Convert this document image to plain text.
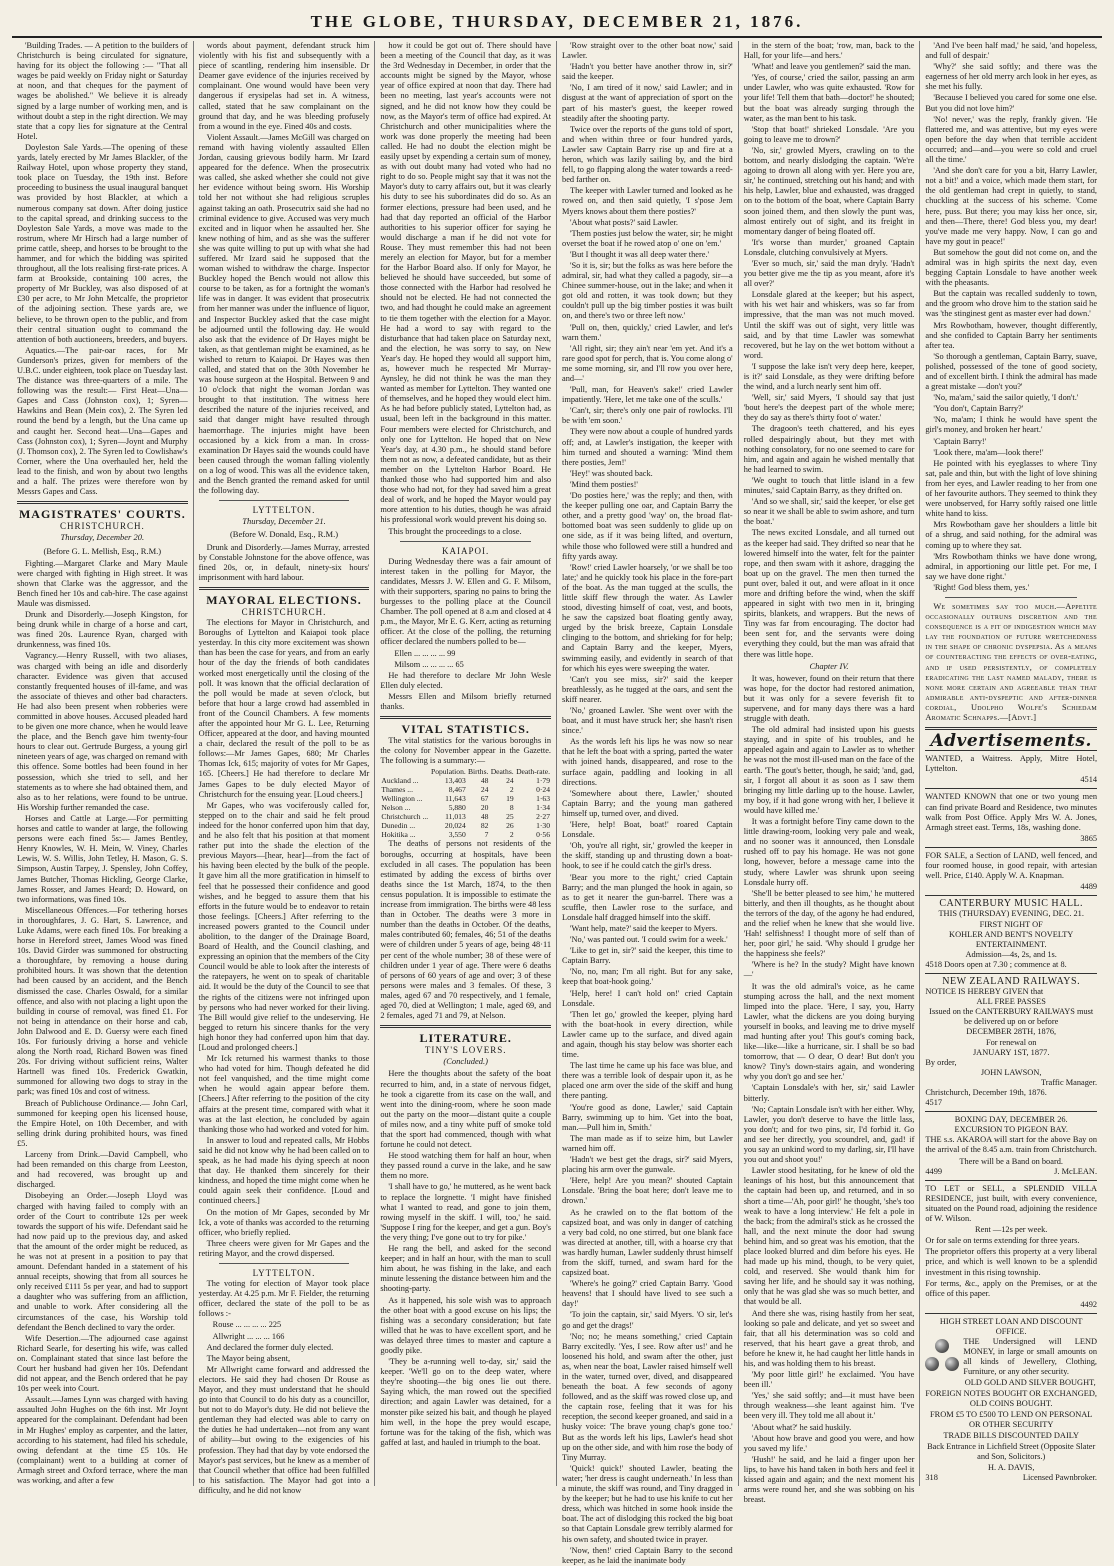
THE GLOBE, THURSDAY, DECEMBER 21, 1876.

'Building Trades. — A petition to the builders of Christchurch is being circulated for signature, having for its object the following :— "That all wages be paid weekly on Friday night or Saturday at noon, and that cheques for the payment of wages be abolished." We believe it is already signed by a large number of working men, and is without doubt a step in the right direction. We may state that a copy lies for signature at the Central Hotel.

Doyleston Sale Yards.—The opening of these yards, lately erected by Mr James Blackler, of the Railway Hotel, upon whose property they stand, took place on Tuesday, the 19th inst. Before proceeding to business the usual inaugural banquet was provided by host Blackler, at which a numerous company sat down. After doing justice to the capital spread, and drinking success to the Doyleston Sale Yards, a move was made to the rostrum, where Mr Hirsch had a large number of prime cattle, sheep, and horses to be brought to the hammer, and for which the bidding was spirited throughout, all the lots realising first-rate prices. A farm at Brookside, containing 100 acres, the property of Mr Buckley, was also disposed of at £30 per acre, to Mr John Metcalfe, the proprietor of the adjoining section. These yards are, we believe, to be thrown open to the public, and from their central situation ought to command the attention of both auctioneers, breeders, and buyers.

Aquatics.—The pair-oar races, for Mr Gunderson's prizes, given for members of the U.B.C. under eighteen, took place on Tuesday last. The distance was three-quarters of a mile. The following was the result:— First Heat—Una—Gapes and Cass (Johnston cox), 1; Syren—Hawkins and Bean (Mein cox), 2. The Syren led round the bend by a length, but the Una came up and caught her. Second heat—Una—Gapes and Cass (Johnston cox), 1; Syren—Joynt and Murphy (J. Thomson cox), 2. The Syren led to Cowlishaw's Corner, where the Una overhauled her, held the lead to the finish, and won by about two lengths and a half. The prizes were therefore won by Messrs Gapes and Cass.

MAGISTRATES' COURTS.
CHRISTCHURCH.
Thursday, December 20.
(Before G. L. Mellish, Esq., R.M.)

Fighting.—Margaret Clarke and Mary Maule were charged with fighting in High street. It was shown that Clarke was the aggressor, and the Bench fined her 10s and cab-hire. The case against Maule was dismissed.

Drunk and Disorderly.—Joseph Kingston, for being drunk while in charge of a horse and cart, was fined 20s. Laurence Ryan, charged with drunkenness, was fined 10s.

Vagrancy.—Henry Russell, with two aliases, was charged with being an idle and disorderly character. Evidence was given that accused constantly frequented houses of ill-fame, and was the associate of thieves and other bad characters. He had also been present when robberies were committed in above houses. Accused pleaded hard to be given one more chance, when he would leave the place, and the Bench gave him twenty-four hours to clear out. Gertrude Burgess, a young girl nineteen years of age, was charged on remand with this offence. Some bottles had been found in her possession, which she tried to sell, and her statements as to where she had obtained them, and also as to her relations, were found to be untrue. His Worship further remanded the case.

Horses and Cattle at Large.—For permitting horses and cattle to wander at large, the following persons were each fined 5s:— James Bentley, Henry Knowles, W. H. Mein, W. Viney, Charles Lewis, W. S. Willis, John Tetley, H. Mason, G. S. Simpson, Austin Tarpey, J. Spensley, John Coffey, James Butcher, Thomas Hickling, George Clarke, James Rosser, and James Heard; D. Howard, on two informations, was fined 10s.

Miscellaneous Offences.—For tethering horses in thoroughfares, J. G. Hart, S. Lawrence, and Luke Adams, were each fined 10s. For breaking a horse in Hereford street, James Wood was fined 10s. David Girder was summoned for obstructing a thoroughfare, by removing a house during prohibited hours. It was shown that the detention had been caused by an accident, and the Bench dismissed the case. Charles Oswald, for a similar offence, and also with not placing a light upon the building in course of removal, was fined £1. For not being in attendance on their horse and cab, John Dalwood and E. D. Guersy were each fined 10s. For furiously driving a horse and vehicle along the North road, Richard Bowen was fined 20s. For driving without sufficient reins, Walter Hartnell was fined 10s. Frederick Gwatkin, summoned for allowing two dogs to stray in the park; was fined 10s and cost of witness.

Breach of Publichouse Ordinance.— John Carl, summoned for keeping open his licensed house, the Empire Hotel, on 10th December, and with selling drink during prohibited hours, was fined £5.

Larceny from Drink.—David Campbell, who had been remanded on this charge from Leeston, and had recovered, was brought up and discharged.

Disobeying an Order.—Joseph Lloyd was charged with having failed to comply with an order of the Court to contribute 12s per week towards the support of his wife. Defendant said he had now paid up to the previous day, and asked that the amount of the order might be reduced, as he was not at present in a position to pay that amount. Defendant handed in a statement of his annual receipts, showing that from all sources he only received £111 5s per year, and had to support a daughter who was suffering from an affliction, and unable to work. After considering all the circumstances of the case, his Worship told defendant the Bench declined to vary the order.

Wife Desertion.—The adjourned case against Richard Searle, for deserting his wife, was called on. Complainant stated that since last before the Court her husband had given her 10s. Defendant did not appear, and the Bench ordered that he pay 10s per week into Court.

Assault.—James Lynn was charged with having assaulted John Hughes on the 6th inst. Mr Joynt appeared for the complainant. Defendant had been in Mr Hughes' employ as carpenter, and the latter, according to his statement, had filed his schedule, owing defendant at the time £5 10s. He (complainant) went to a building at corner of Armagh street and Oxford terrace, where the man was working, and after a few

words about payment, defendant struck him violently with his fist and subsequently with a piece of scantling, rendering him insensible. Dr Deamer gave evidence of the injuries received by complainant. One wound would have been very dangerous if erysipelas had set in. A witness, called, stated that he saw complainant on the ground that day, and he was bleeding profusely from a wound in the eye. Fined 40s and costs.

Violent Assault.—James McGill was charged on remand with having violently assaulted Ellen Jordan, causing grievous bodily harm. Mr Izard appeared for the defence. When the prosecutrix was called, she asked whether she could not give her evidence without being sworn. His Worship told her not without she had religious scruples against taking an oath. Prosecutrix said she had no criminal evidence to give. Accused was very much excited and in liquor when he assaulted her. She knew nothing of him, and as she was the sufferer she was quite willing to put up with what she had suffered. Mr Izard said he supposed that the woman wished to withdraw the charge. Inspector Buckley hoped the Bench would not allow this course to be taken, as for a fortnight the woman's life was in danger. It was evident that prosecutrix from her manner was under the influence of liquor, and Inspector Buckley asked that the case might be adjourned until the following day. He would also ask that the evidence of Dr Hayes might be taken, as that gentleman might be examined, as he wished to return to Kaiapoi. Dr Hayes was then called, and stated that on the 30th November he was house surgeon at the Hospital. Between 9 and 10 o'clock that night the woman Jordan was brought to that institution. The witness here described the nature of the injuries received, and said that danger might have resulted through haemorrhage. The injuries might have been occasioned by a kick from a man. In cross-examination Dr Hayes said the wounds could have been caused through the woman falling violently on a log of wood. This was all the evidence taken, and the Bench granted the remand asked for until the following day.

LYTTELTON.
Thursday, December 21.
(Before W. Donald, Esq., R.M.)

Drunk and Disorderly.—James Murray, arrested by Constable Johnstone for the above offence, was fined 20s, or, in default, ninety-six hours' imprisonment with hard labour.

MAYORAL ELECTIONS.
CHRISTCHURCH.

The elections for Mayor in Christchurch, and Boroughs of Lyttelton and Kaiapoi took place yesterday. In this city more excitement was shown than has been the case for years, and from an early hour of the day the friends of both candidates worked most energetically until the closing of the poll. It was known that the official declaration of the poll would be made at seven o'clock, but before that hour a large crowd had assembled in front of the Council Chambers. A few moments after the appointed hour Mr G. L. Lee, Returning Officer, appeared at the door, and having mounted a chair, declared the result of the poll to be as follows:—Mr James Gapes, 680; Mr Charles Thomas Ick, 615; majority of votes for Mr Gapes, 165. [Cheers.] He had therefore to declare Mr James Gapes to be duly elected Mayor of Christchurch for the ensuing year. [Loud cheers.]

Mr Gapes, who was vociferously called for, stepped on to the chair and said he felt proud indeed for the honor conferred upon him that day, and he also felt that his position at that moment rather put into the shade the election of the previous Mayors—[hear, hear]—from the fact of his having been elected by the bulk of the people. It gave him all the more gratification in himself to feel that he possessed their confidence and good wishes, and he begged to assure them that his efforts in the future would be to endeavor to retain those feelings. [Cheers.] After referring to the increased powers granted to the Council under abolition, to the danger of the Drainage Board, Board of Health, and the Council clashing, and expressing an opinion that the members of the City Council would be able to look after the interests of the ratepayers, he went on to speak of charitable aid. It would be the duty of the Council to see that the rights of the citizens were not infringed upon by persons who had never worked for their living. The Bill would give relief to the undeserving. He begged to return his sincere thanks for the very high honor they had conferred upon him that day. [Loud and prolonged cheers.]

Mr Ick returned his warmest thanks to those who had voted for him. Though defeated he did not feel vanquished, and the time might come when he would again appear before them. [Cheers.] After referring to the position of the city affairs at the present time, compared with what it was at the last election, he concluded by again thanking those who had worked and voted for him.

In answer to loud and repeated calls, Mr Hobbs said he did not know why he had been called on to speak, as he had made his dying speech at noon that day. He thanked them sincerely for their kindness, and hoped the time might come when he could again seek their confidence. [Loud and continued cheers.]

On the motion of Mr Gapes, seconded by Mr Ick, a vote of thanks was accorded to the returning officer, who briefly replied.

Three cheers were given for Mr Gapes and the retiring Mayor, and the crowd dispersed.

LYTTELTON.

The voting for election of Mayor took place yesterday. At 4.25 p.m. Mr F. Fielder, the returning officer, declared the state of the poll to be as follows :-

Rouse ... ... ... ... 225
Allwright ... ... ... 166

And declared the former duly elected.

The Mayor being absent,

Mr Allwright came forward and addressed the electors. He said they had chosen Dr Rouse as Mayor, and they must understand that he should go into that Council to do his duty as a councillor, but not to do Mayor's duty. He did not believe the gentleman they had elected was able to carry on the duties he had undertaken—not from any want of ability—but owing to the exigencies of his profession. They had that day by vote endorsed the Mayor's past services, but he knew as a member of that Council whether that office had been fulfilled to his satisfaction. The Mayor had got into a difficulty, and he did not know

how it could be got out of. There should have been a meeting of the Council that day, as it was the 3rd Wednesday in December, in order that the accounts might be signed by the Mayor, whose year of office expired at noon that day. There had been no meeting, last year's accounts were not signed, and he did not know how they could be now, as the Mayor's term of office had expired. At Christchurch and other municipalities where the work was done properly the meeting had been called. He had no doubt the election might be easily upset by expending a certain sum of money, as with out doubt many had voted who had no right to do so. People might say that it was not the Mayor's duty to carry affairs out, but it was clearly his duty to see his subordinates did do so. As an former elections, pressure had been used, and he had that day reported an official of the Harbor authorities to his superior officer for saying he would discharge a man if he did not vote for Rouse. They must remember this had not been merely an election for Mayor, but for a member for the Harbor Board also. If only for Mayor, he believed he should have succeeded, but some of those connected with the Harbor had resolved he should not be elected. He had not connected the two, and had thought he could make an agreement to tie them together with the election for a Mayor. He had a word to say with regard to the disturbance that had taken place on Saturday next, and the election, he was sorry to say, on New Year's day. He hoped they would all support him, as, however much he respected Mr Murray-Aynsley, he did not think he was the man they wanted as member for Lyttelton. They wanted one of themselves, and he hoped they would elect him. As he had before publicly stated, Lyttelton had, as usual, been left in the background in this matter. Four members were elected for Christchurch, and only one for Lyttelton. He hoped that on New Year's day, at 4.30 p.m., he should stand before them not as now, a defeated candidate, but as their member on the Lyttelton Harbor Board. He thanked those who had supported him and also those who had not, for they had saved him a great deal of work, and he hoped the Mayor would pay more attention to his duties, though he was afraid his professional work would prevent his doing so.

This brought the proceedings to a close.

KAIAPOI.

During Wednesday there was a fair amount of interest taken in the polling for Mayor, the candidates, Messrs J. W. Ellen and G. F. Milsom, with their supporters, sparing no pains to bring the burgesses to the polling place at the Council Chamber. The poll opened at 8 a.m and closed at 4 p.m., the Mayor, Mr E. G. Kerr, acting as returning officer. At the close of the polling, the returning officer declared the numbers polled to be—

Ellen ... ... ... ... 99
Milsom ... ... ... ... 65

He had therefore to declare Mr John Wesle Ellen duly elected.

Messrs Ellen and Milsom briefly returned thanks.

VITAL STATISTICS.

The vital statistics for the various boroughs in the colony for November appear in the Gazette. The following is a summary:—

	Population.	Births.	Deaths.	Death-rate.
Auckland ...	13,403	48	24	1·79
Thames ...	8,467	24	2	0·24
Wellington ...	11,643	67	19	1·63
Nelson ...	5,880	20	8	1·34
Christchurch ...	11,013	48	25	2·27
Dunedin ...	20,024	82	26	1·30
Hokitika ...	3,550	7	2	0·56

The deaths of persons not residents of the boroughs, occurring at hospitals, have been excluded in all cases. The population has been estimated by adding the excess of births over deaths since the 1st March, 1874, to the then census population. It is impossible to estimate the increase from immigration. The births were 48 less than in October. The deaths were 3 more in number than the deaths in October. Of the deaths, males contributed 60; females, 46; 51 of the deaths were of children under 5 years of age, being 48·11 per cent of the whole number; 38 of these were of children under 1 year of age. There were 6 deaths of persons of 60 years of age and over; 3 of these persons were males and 3 females. Of these, 3 males, aged 67 and 70 respectively, and 1 female, aged 70, died at Wellington; 1 male, aged 69, and 2 females, aged 71 and 79, at Nelson.

LITERATURE.
TINY'S LOVERS.
(Concluded.)

Here the thoughts about the safety of the boat recurred to him, and, in a state of nervous fidget, he took a cigarette from its case on the wall, and went into the dining-room, where he soon made out the party on the moor—distant quite a couple of miles now, and a tiny white puff of smoke told that the sport had commenced, though with what fortune he could not detect.

He stood watching them for half an hour, when they passed round a curve in the lake, and he saw them no more.

'I shall have to go,' he muttered, as he went back to replace the lorgnette. 'I might have finished what I wanted to read, and gone to join them, rowing myself in the skiff. I will, too,' he said. 'Suppose I ring for the keeper, and get a gun. Boy's the very thing; I've gone out to try for pike.'

He rang the bell, and asked for the second keeper; and in half an hour, with the man to scull him about, he was fishing in the lake, and each minute lessening the distance between him and the shooting-party.

As it happened, his sole wish was to approach the other boat with a good excuse on his lips; the fishing was a secondary consideration; but fate willed that he was to have excellent sport, and he was delayed three times to master and capture a goodly pike.

'They be a-running well to-day, sir,' said the keeper. 'We'll go on to the deep water, where they're shooting—the big ones lie out there. Saying which, the man rowed out the specified direction; and again Lawler was detained, for a monster pike seized his bait, and though he played him well, in the hope the prey would escape, fortune was for the taking of the fish, which was gaffed at last, and hauled in triumph to the boat.

'Row straight over to the other boat now,' said Lawler.

'Hadn't you better have another throw in, sir?' said the keeper.

'No, I am tired of it now,' said Lawler; and in disgust at the want of appreciation of sport on the part of his master's guest, the keeper rowed steadily after the shooting party.

Twice over the reports of the guns told of sport, and when within three or four hundred yards, Lawler saw Captain Barry rise up and fire at a heron, which was lazily sailing by, and the bird fell, to go flapping along the water towards a reed-bed farther on.

The keeper with Lawler turned and looked as he rowed on, and then said quietly, 'I s'pose Jem Myers knows about them there posties?'

'About what posts?' said Lawler.

'Them posties just below the water, sir; he might overset the boat if he rowed atop o' one on 'em.'

'But I thought it was all deep water there.'

'So it is, sir; but the folks as was here before the admiral, sir, had what they called a pagody, sir—a Chinee summer-house, out in the lake; and when it got old and rotten, it was took down; but they couldn't pull up the big timber posties it was built on, and there's two or three left now.'

'Pull on, then, quickly,' cried Lawler, and let's warn them.'

'All right, sir; they ain't near 'em yet. And it's a rare good spot for perch, that is. You come along o' me some morning, sir, and I'll row you over here, and—'

'Pull, man, for Heaven's sake!' cried Lawler impatiently. 'Here, let me take one of the sculls.'

'Can't, sir; there's only one pair of rowlocks. I'll be with 'em soon.'

They were now about a couple of hundred yards off; and, at Lawler's instigation, the keeper with him turned and shouted a warning: 'Mind them there posties, Jem!'

'Hey!' was shouted back.

'Mind them posties!'

'Do posties here,' was the reply; and then, with the keeper pulling one oar, and Captain Barry the other, and a pretty good 'way' on, the broad flat-bottomed boat was seen suddenly to glide up on one side, as if it was being lifted, and overturn, while those who followed were still a hundred and fifty yards away.

'Row!' cried Lawler hoarsely, 'or we shall be too late;' and he quickly took his place in the fore-part of the boat. As the man tugged at the sculls, the little skiff flew through the water. As Lawler stood, divesting himself of coat, vest, and boots, he saw the capsized boat floating gently away, urged by the brisk breeze, Captain Lonsdale clinging to the bottom, and shrieking for for help; and Captain Barry and the keeper, Myers, swimming easily, and evidently in search of that for which his eyes were sweeping the water.

'Can't you see miss, sir?' said the keeper breathlessly, as he tugged at the oars, and sent the skiff nearer.

'No,' groaned Lawler. 'She went over with the boat, and it must have struck her; she hasn't risen since.'

As the words left his lips he was now so near that he left the boat with a spring, parted the water with joined hands, disappeared, and rose to the surface again, paddling and looking in all directions.

'Somewhere about there, Lawler,' shouted Captain Barry; and the young man gathered himself up, turned over, and dived.

'Here, help! Boat, boat!' roared Captain Lonsdale.

'Oh, you're all right, sir,' growled the keeper in the skiff, standing up and thrusting down a boat-hook, to see if he could catch the girl's dress.

'Bear you more to the right,' cried Captain Barry; and the man plunged the hook in again, so as to get it nearer the gun-barrel. There was a scuffle, then Lawler rose to the surface, and Lonsdale half dragged himself into the skiff.

'Want help, mate?' said the keeper to Myers.

'No,' was panted out. 'I could swim for a week.'

'Like to get in, sir?' said the keeper, this time to Captain Barry.

'No, no, man; I'm all right. But for any sake, keep that boat-hook going.'

'Help, here! I can't hold on!' cried Captain Lonsdale.

'Then let go,' growled the keeper, plying hard with the boat-hook in every direction, while Lawler came up to the surface, and dived again and again, though his stay below was shorter each time.

The last time he came up his face was blue, and there was a terrible look of despair upon it, as he placed one arm over the side of the skiff and hung there panting.

'You're good as done, Lawler,' said Captain Barry, swimming up to him. 'Get into the boat, man.—Pull him in, Smith.'

The man made as if to seize him, but Lawler warned him off.

'Hadn't we best get the drags, sir?' said Myers, placing his arm over the gunwale.

'Here, help! Are you mean?' shouted Captain Lonsdale. 'Bring the boat here; don't leave me to drown.'

As he crawled on to the flat bottom of the capsized boat, and was only in danger of catching a very bad cold, no one stirred, but one blank face was directed at another, till, with a hoarse cry that was hardly human, Lawler suddenly thrust himself from the skiff, turned, and swam hard for the capsized boat.

'Where's he going?' cried Captain Barry. 'Good heavens! that I should have lived to see such a day!'

'To join the captain, sir,' said Myers. 'O sir, let's go and get the drags!'

'No; no; he means something,' cried Captain Barry excitedly. 'Yes, I see. Row after us!' and he loosened his hold, and swam after the other, just as, when near the boat, Lawler raised himself well in the water, turned over, dived, and disappeared beneath the boat. A few seconds of agony followed, and as the skiff was rowed close up, and the captain rose, feeling that it was for his reception, the second keeper groaned, and said in a husky voice: 'The brave young chap's gone too.' But as the words left his lips, Lawler's head shot up on the other side, and with him rose the body of Tiny Murray.

'Quick! quick!' shouted Lawler, beating the water; 'her dress is caught underneath.' In less than a minute, the skiff was round, and Tiny dragged in by the keeper; but he had to use his knife to cut her dress, which was hitched in some hook inside the boat. The act of dislodging this rocked the big boat so that Captain Lonsdale grew terribly alarmed for his own safety, and shouted twice in prayer.

'Now, then!' cried Captain Barry to the second keeper, as he laid the inanimate body

in the stern of the boat; 'row, man, back to the Hall, for your life—and hers.'

'What! and leave you gentlemen?' said the man.

'Yes, of course,' cried the sailor, passing an arm under Lawler, who was quite exhausted. 'Row for your life! Tell them that bath—doctor!' he shouted; but the boat was already surging through the water, as the man bent to his task.

'Stop that boat!' shrieked Lonsdale. 'Are you going to leave me to drown?'

'No, sir,' growled Myers, crawling on to the bottom, and nearly dislodging the captain. 'We're agoing to drown all along with yer. Here you are, sir,' he continued, stretching out his hand; and with his help, Lawler, blue and exhausted, was dragged on to the bottom of the boat, where Captain Barry soon joined them, and then slowly the punt was, almost entirely out of sight, and its freight in momentary danger of being floated off.

'It's worse than murder,' groaned Captain Lonsdale, clutching convulsively at Myers.

'Ever so much, sir,' said the man dryly. 'Hadn't you better give me the tip as you meant, afore it's all over?'

Lonsdale glared at the keeper; but his aspect, with his wet hair and whiskers, was so far from impressive, that the man was not much moved. Until the skiff was out of sight, very little was said, and by that time Lawler was somewhat recovered, but he lay on the wet bottom without a word.

'I suppose the lake isn't very deep here, keeper, is it?' said Lonsdale, as they were drifting before the wind, and a lurch nearly sent him off.

'Well, sir,' said Myers, 'I should say that just 'bout here's the deepest part of the whole mere; they do say as there's thirty foot o' water.'

The dragoon's teeth chattered, and his eyes rolled despairingly about, but they met with nothing consolatory, for no one seemed to care for him, and again and again he wished mentally that he had learned to swim.

'We ought to touch that little island in a few minutes,' said Captain Barry, as they drifted on.

'And so we shall, sir,' said the keeper, 'or else get so near it we shall be able to swim ashore, and turn the boat.'

The news excited Lonsdale, and all turned out as the keeper had said. They drifted so near that he lowered himself into the water, felt for the painter rope, and then swam with it ashore, dragging the boat up on the gravel. The men then turned the punt over, baled it out, and were afloat in it once more and drifting before the wind, when the skiff appeared in sight with two men in it, bringing spirits, blankets, and wrappers. But the news of Tiny was far from encouraging. The doctor had been sent for, and the servants were doing everything they could, but the man was afraid that there was little hope.

Chapter IV.

It was, however, found on their return that there was hope, for the doctor had restored animation, but it was only for a severe feverish fit to supervene, and for many days there was a hard struggle with death.

The old admiral had insisted upon his guests staying, and in spite of his troubles, and he appealed again and again to Lawler as to whether he was not the most ill-used man on the face of the earth. 'The gout's better, though, he said; 'and, gad, sir, I forgot all about it as soon as I saw them bringing my little darling up to the house. Lawler, my boy, if it had gone wrong with her, I believe it would have killed me.'

It was a fortnight before Tiny came down to the little drawing-room, looking very pale and weak, and no sooner was it announced, then Lonsdale rushed off to pay his homage. He was not gone long, however, before a message came into the study, where Lawler was shrunk upon seeing Lonsdale hurry off.

'She'll be better pleased to see him,' he muttered bitterly, and then ill thoughts, as he thought about the terrors of the day, of the agony he had endured, and the relief when he knew that she would live. 'Hah! selfishness! I thought more of self than of her, poor girl,' he said. 'Why should I grudge her the happiness she feels?'

'Where is he? In the study? Might have known—'

It was the old admiral's voice, as he came stumping across the hall, and the next moment limped into the place. 'Here, I say, you, Harry Lawler, what the dickens are you doing burying yourself in books, and leaving me to drive myself mad hunting after you! This gout's coming back, like—like—like a hurricane, sir. I shall be so bad tomorrow, that — O dear, O dear! But don't you know? Tiny's down-stairs again, and wondering why you don't go and see her.'

'Captain Lonsdale's with her, sir,' said Lawler bitterly.

'No; Captain Lonsdale isn't with her either. Why, Lawler, you don't deserve to have the little lass, you don't; and for two pins, sir, I'd forbid it. Go and see her directly, you scoundrel, and, gad! if you say an unkind word to my darling, sir, I'll have you out and shoot you!'

Lawler stood hesitating, for he knew of old the leanings of his host, but this announcement that the captain had been up, and returned, and in so short a time—'Ah, poor girl!' he thought, 'she's too weak to have a long interview.' He felt a pole in the back; from the admiral's stick as he crossed the hall, and the next minute the door had swung behind him, and so great was his emotion, that the place looked blurred and dim before his eyes. He had made up his mind, though, to be very quiet, cold, and reserved. She would thank him for saving her life, and he should say it was nothing, only that he was glad she was so much better, and that would be all.

And there she was, rising hastily from her seat, looking so pale and delicate, and yet so sweet and fair, that all his determination was so cold and reserved, that his heart gave a great throb, and before he knew it, he had caught her little hands in his, and was holding them to his breast.

'My poor little girl!' he exclaimed. 'You have been ill.'

'Yes,' she said softly; and—it must have been through weakness—she leant against him. 'I've been very ill. They told me all about it.'

'About what?' he said huskily.

'About how brave and good you were, and how you saved my life.'

'Hush!' he said, and he laid a finger upon her lips, to have his hand taken in both hers and feel it kissed again and again; and the next moment his arms were round her, and she was sobbing on his breast.

'And I've been half mad,' he said, 'and hopeless, and full of despair.'

'Why?' she said softly; and there was the eagerness of her old merry arch look in her eyes, as she met his fully.

'Because I believed you cared for some one else. But you did not love him?'

'No! never,' was the reply, frankly given. 'He flattered me, and was attentive, but my eyes were open before the day when that terrible accident occurred; and—and—you were so cold and cruel all the time.'

'And she don't care for you a bit, Harry Lawler, not a bit!' and a voice, which made them start, for the old gentleman had crept in quietly, to stand, chuckling at the success of his scheme. 'Come here, puss. But there; you may kiss her once, sir, and then—There, there! God bless you, my dear! you've made me very happy. Now, I can go and have my gout in peace!'

But somehow the gout did not come on, and the admiral was in high spirits the next day, even begging Captain Lonsdale to have another week with the pheasants.

But the captain was recalled suddenly to town, and the groom who drove him to the station said he was 'the stinginest gent as master ever had down.'

Mrs Rowbotham, however, thought differently, and she confided to Captain Barry her sentiments after tea.

'So thorough a gentleman, Captain Barry, suave, polished, possessed of the tone of good society, and of excellent birth. I think the admiral has made a great mistake —don't you?'

'No, ma'am,' said the sailor quietly, 'I don't.'

'You don't, Captain Barry?'

'No, ma'am; I think he would have spent the girl's money, and broken her heart.'

'Captain Barry!'

'Look there, ma'am—look there!'

He pointed with his eyeglasses to where Tiny sat, pale and thin, but with the light of love shining from her eyes, and Lawler reading to her from one of her favourite authors. They seemed to think they were unobserved, for Harry softly raised one little white hand to kiss.

Mrs Rowbotham gave her shoulders a little bit of a shrug, and said nothing, for the admiral was coming up to where they sat.

'Mrs Rowbotham thinks we have done wrong, admiral, in apportioning our little pet. For me, I say we have done right.'

'Right! God bless them, yes.'

We sometimes say too much.—Appetite occasionally outruns discretion and the consequence is a fit of indigestion which may lay the foundation of future wretchedness in the shape of chronic dyspepsia. As a means of counteracting the effects of over-eating, and if used persistently, of completely eradicating the last named malady, there is none more certain and agreeable than that admirable anti-dyspeptic and after-dinner cordial, Udolpho Wolfe's Schiedam Aromatic Schnapps.—[Advt.]

Advertisements.

WANTED, a Waitress. Apply, Mitre Hotel, Lyttelton.

4514

WANTED KNOWN that one or two young men can find private Board and Residence, two minutes walk from Post Office. Apply Mrs W. A. Jones, Armagh street east. Terms, 18s, washing done.

3865

FOR SALE, a Section of LAND, well fenced, and four roomed house, in good repair, with artesian well. Price, £140. Apply W. A. Knapman.

4489
CANTERBURY MUSIC HALL.
THIS (THURSDAY) EVENING, DEC. 21.
FIRST NIGHT OF
KOHLER AND BENT'S NOVELTY
ENTERTAINMENT.
Admission—4s, 2s, and 1s.
4518 Doors open at 7.30 ; commence at 8.
NEW ZEALAND RAILWAYS.
NOTICE IS HEREBY GIVEN that
ALL FREE PASSES
Issued on the CANTERBURY RAILWAYS must be delivered up on or before
DECEMBER 28TH, 1876,
For renewal on
JANUARY 1ST, 1877.
By order,
JOHN LAWSON,
Traffic Manager.
Christchurch, December 19th, 1876.
4517
BOXING DAY, DECEMBER 26.
EXCURSION TO PIGEON BAY.

THE s.s. AKAROA will start for the above Bay on the arrival of the 8.45 a.m. train from Christchurch.

There will be a Band on board.
4499	J. McLEAN.

TO LET or SELL, a SPLENDID VILLA RESIDENCE, just built, with every convenience, situated on the Pound road, adjoining the residence of W. Wilson.

Rent —12s per week.

Or for sale on terms extending for three years.

The proprietor offers this property at a very liberal price, and which is well known to be a splendid investment in this rising township.

For terms, &c., apply on the Premises, or at the office of this paper.

4492
HIGH STREET LOAN AND DISCOUNT OFFICE.

THE Undersigned will LEND MONEY, in large or small amounts on all kinds of Jewellery, Clothing, Furniture, or any other security.

OLD GOLD AND SILVER BOUGHT, FOREIGN NOTES BOUGHT OR EXCHANGED, OLD COINS BOUGHT.

FROM £5 TO £500 TO LEND ON PERSONAL OR OTHER SECURITY

TRADE BILLS DISCOUNTED DAILY

Back Entrance in Lichfield Street (Opposite Slater and Son, Solicitors.)

H. A. DAVIS,
318	Licensed Pawnbroker.
